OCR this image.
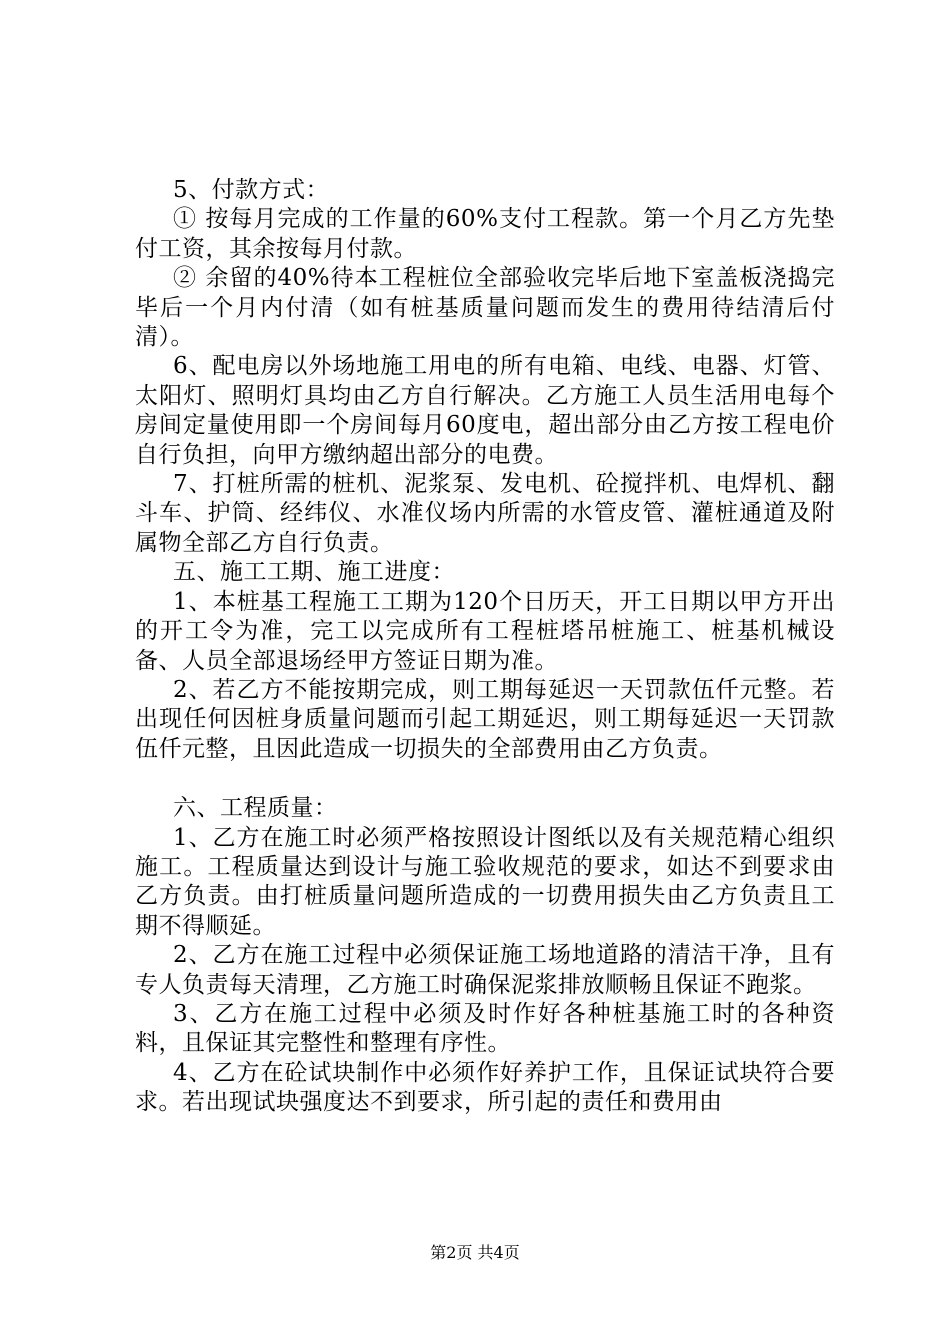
5、付款方式：

① 按每月完成的工作量的60%支付工程款。第一个月乙方先垫付工资，其余按每月付款。

② 余留的40%待本工程桩位全部验收完毕后地下室盖板浇捣完毕后一个月内付清（如有桩基质量问题而发生的费用待结清后付清）。

6、配电房以外场地施工用电的所有电箱、电线、电器、灯管、太阳灯、照明灯具均由乙方自行解决。乙方施工人员生活用电每个房间定量使用即一个房间每月60度电，超出部分由乙方按工程电价自行负担，向甲方缴纳超出部分的电费。

7、打桩所需的桩机、泥浆泵、发电机、砼搅拌机、电焊机、翻斗车、护筒、经纬仪、水准仪场内所需的水管皮管、灌桩通道及附属物全部乙方自行负责。

五、施工工期、施工进度：

1、本桩基工程施工工期为120个日历天，开工日期以甲方开出的开工令为准，完工以完成所有工程桩塔吊桩施工、桩基机械设备、人员全部退场经甲方签证日期为准。

2、若乙方不能按期完成，则工期每延迟一天罚款伍仟元整。若出现任何因桩身质量问题而引起工期延迟，则工期每延迟一天罚款伍仟元整，且因此造成一切损失的全部费用由乙方负责。

六、工程质量：

1、乙方在施工时必须严格按照设计图纸以及有关规范精心组织施工。工程质量达到设计与施工验收规范的要求，如达不到要求由乙方负责。由打桩质量问题所造成的一切费用损失由乙方负责且工期不得顺延。

2、乙方在施工过程中必须保证施工场地道路的清洁干净，且有专人负责每天清理，乙方施工时确保泥浆排放顺畅且保证不跑浆。

3、乙方在施工过程中必须及时作好各种桩基施工时的各种资料，且保证其完整性和整理有序性。

4、乙方在砼试块制作中必须作好养护工作，且保证试块符合要求。若出现试块强度达不到要求，所引起的责任和费用由

第2页 共4页
